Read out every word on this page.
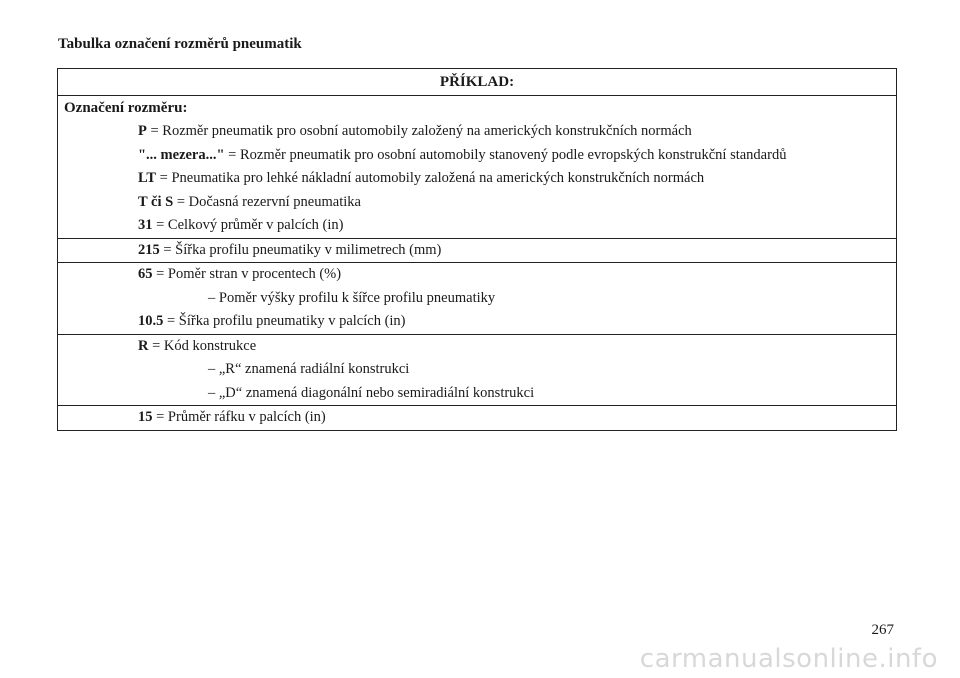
Tabulka označení rozměrů pneumatik
PŘÍKLAD:
Označení rozměru:
P = Rozměr pneumatik pro osobní automobily založený na amerických konstrukčních normách
"... mezera..." = Rozměr pneumatik pro osobní automobily stanovený podle evropských konstrukční standardů
LT = Pneumatika pro lehké nákladní automobily založená na amerických konstrukčních normách
T či S = Dočasná rezervní pneumatika
31 = Celkový průměr v palcích (in)
215 = Šířka profilu pneumatiky v milimetrech (mm)
65 = Poměr stran v procentech (%)
– Poměr výšky profilu k šířce profilu pneumatiky
10.5 = Šířka profilu pneumatiky v palcích (in)
R = Kód konstrukce
– „R“ znamená radiální konstrukci
– „D“ znamená diagonální nebo semiradiální konstrukci
15 = Průměr ráfku v palcích (in)
267
carmanualsonline.info
